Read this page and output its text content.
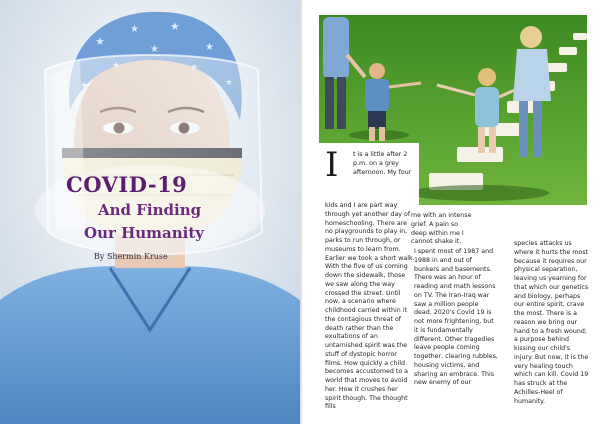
★
★	★
★
★
COVID-19
And Finding
Our Humanity
By Shermin Kruse
I t is a little after 2 p.m. on a grey afternoon. My four

kids and I are part way through yet another day of homeschooling. There are no playgrounds to play in, parks to run through, or museums to learn from. Earlier we took a short walk. With the five of us coming down the sidewalk, those we saw along the way crossed the street. Until now, a scenario where childhood carried within it the contagious threat of death rather than the exultations of an untarnished spirit was the stuff of dystopic horror films. How quickly a child becomes accustomed to a world that moves to avoid her. How it crushes her spirit though. The thought fills

me with an intense grief. A pain so deep within me I cannot shake it.

I spent most of 1987 and 1988 in and out of bunkers and basements. There was an hour of reading and math lessons on TV. The Iran-Iraq war saw a million people dead. 2020's Covid 19 is not more frightening, but it is fundamentally different. Other tragedies leave people coming together, clearing rubbles, housing victims, and sharing an embrace. This new enemy of our

species attacks us where it hurts the most because it requires our physical separation, leaving us yearning for that which our genetics and biology, perhaps our entire spirit, crave the most. There is a reason we bring our hand to a fresh wound; a purpose behind kissing our child's injury. But now, it is the very healing touch which can kill. Covid 19 has struck at the Achilles-Heel of humanity.
